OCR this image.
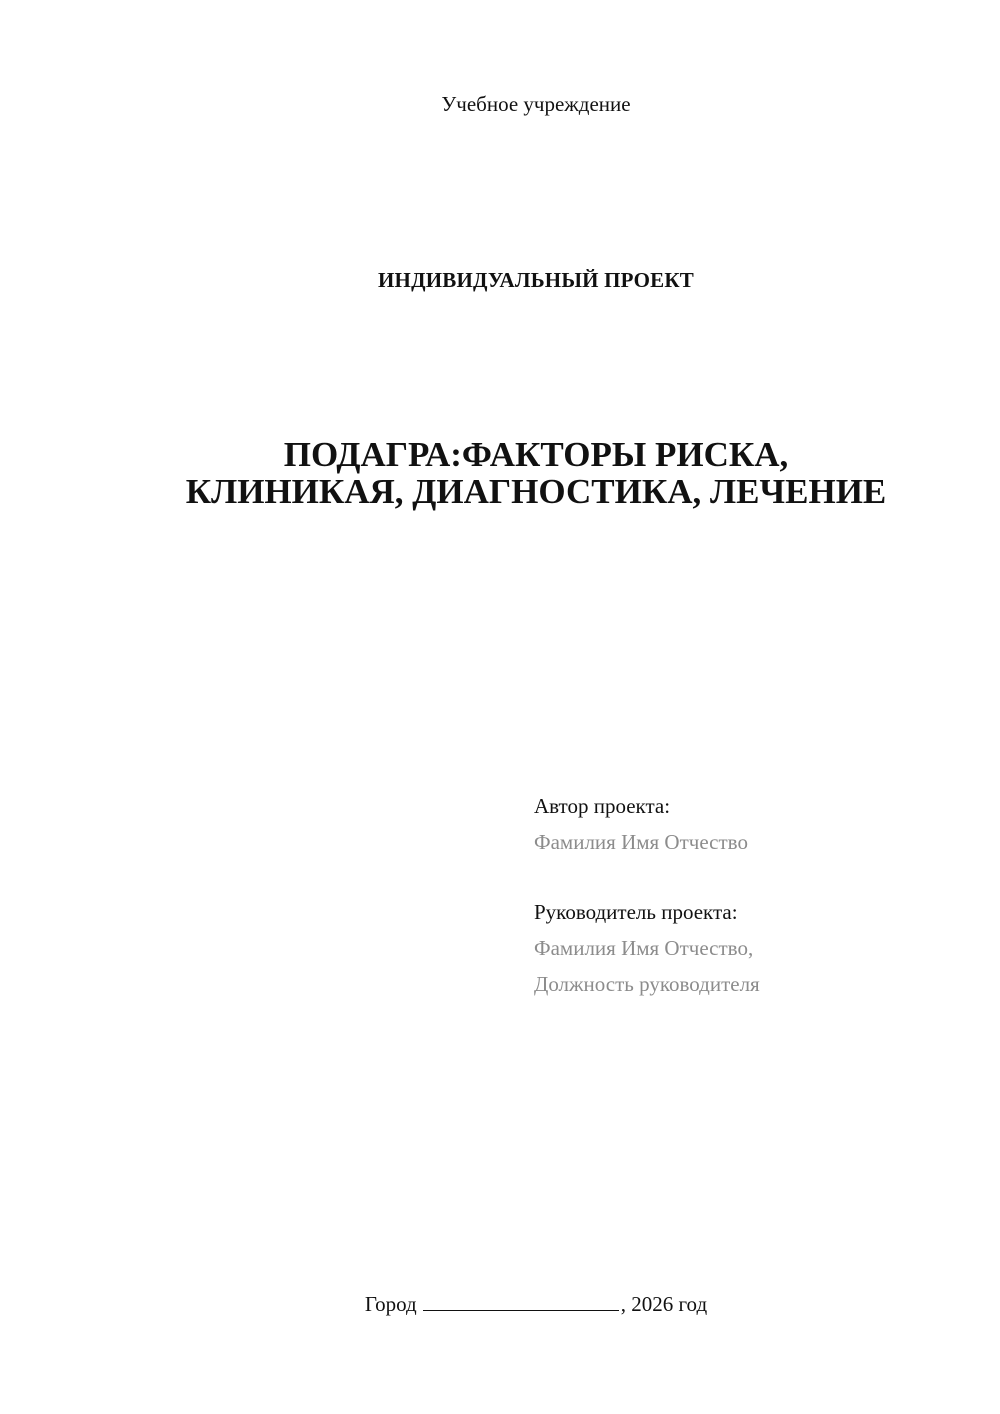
Учебное учреждение
ИНДИВИДУАЛЬНЫЙ ПРОЕКТ
ПОДАГРА:ФАКТОРЫ РИСКА,
КЛИНИКАЯ, ДИАГНОСТИКА, ЛЕЧЕНИЕ
Автор проекта:
Фамилия Имя Отчество
Руководитель проекта:
Фамилия Имя Отчество,
Должность руководителя
Город	, 2026 год
